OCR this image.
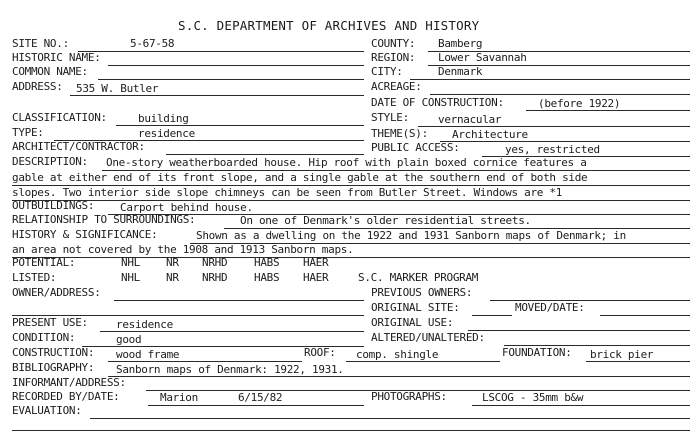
S.C. DEPARTMENT OF ARCHIVES AND HISTORY
SITE NO.:	5-67-58	COUNTY: Bamberg
HISTORIC NAME:	REGION: Lower Savannah
COMMON NAME:	CITY:	Denmark
ADDRESS: 535 W. Butler	ACREAGE:
DATE OF CONSTRUCTION:	(before 1922)
CLASSIFICATION:	building	STYLE:	vernacular
TYPE:	residence	THEME(S): Architecture
ARCHITECT/CONTRACTOR:	PUBLIC ACCESS:	yes, restricted
DESCRIPTION: One-story weatherboarded house. Hip roof with plain boxed cornice features a
gable at either end of its front slope, and a single gable at the southern end of both side
slopes. Two interior side slope chimneys can be seen from Butler Street. Windows are *1
OUTBUILDINGS: Carport behind house.
RELATIONSHIP TO SURROUNDINGS:	On one of Denmark's older residential streets.
HISTORY & SIGNIFICANCE:	Shown as a dwelling on the 1922 and 1931 Sanborn maps of Denmark; in
an area not covered by the 1908 and 1913 Sanborn maps.
POTENTIAL:	NHL NR NRHD HABS HAER
LISTED:	NHL NR NRHD HABS HAER	S.C. MARKER PROGRAM
OWNER/ADDRESS:	PREVIOUS OWNERS:
ORIGINAL SITE:	MOVED/DATE:
PRESENT USE:	residence	ORIGINAL USE:
CONDITION:	good	ALTERED/UNALTERED:
CONSTRUCTION: wood frame	ROOF: comp. shingle	FOUNDATION: brick pier
BIBLIOGRAPHY: Sanborn maps of Denmark: 1922, 1931.
INFORMANT/ADDRESS:
RECORDED BY/DATE:	Marion	6/15/82	PHOTOGRAPHS:	LSCOG - 35mm b&w
EVALUATION:
